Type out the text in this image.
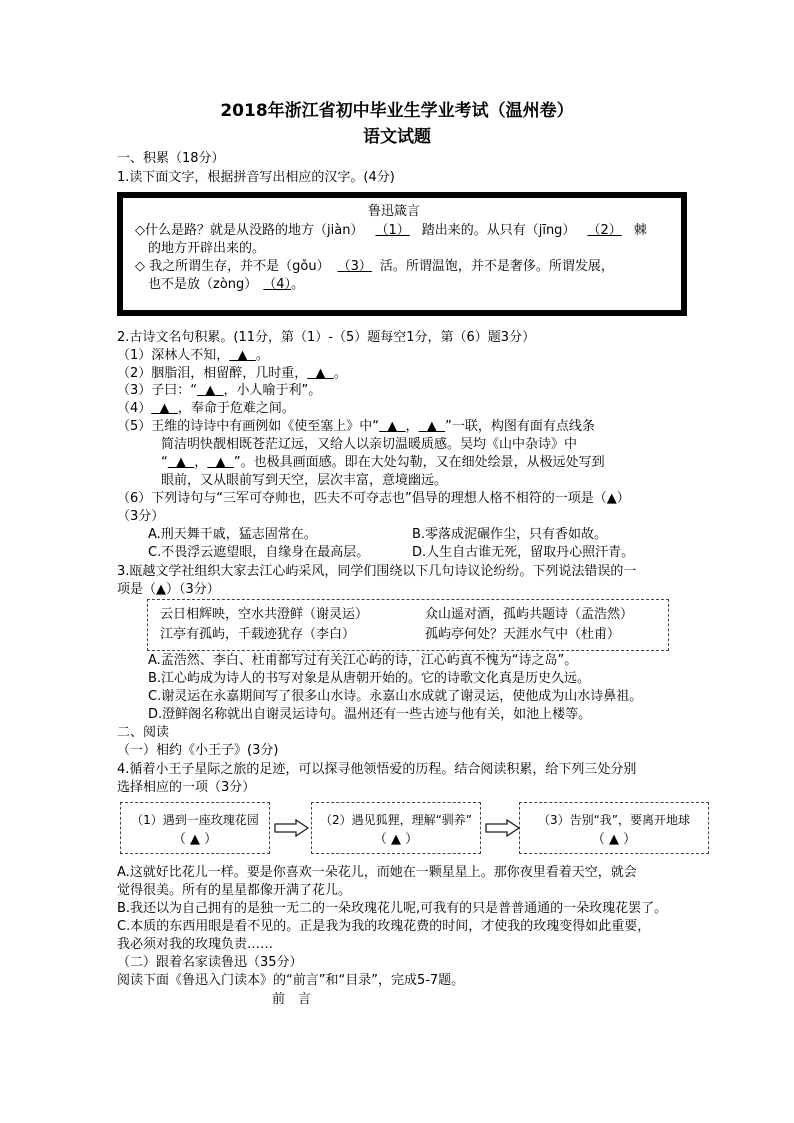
2018年浙江省初中毕业生学业考试（温州卷）
语文试题
一、积累（18分）
1.读下面文字，根据拼音写出相应的汉字。(4分)
鲁迅箴言
◇什么是路？就是从没路的地方（jiàn） （1） 踏出来的。从只有（jīng） （2） 棘
的地方开辟出来的。
◇ 我之所谓生存，并不是（gǒu） （3） 活。所谓温饱，并不是奢侈。所谓发展，
也不是放（zòng） （4）。
2.古诗文名句积累。(11分，第（1）-（5）题每空1分，第（6）题3分）
（1）深林人不知， ▲ 。
（2）胭脂泪，相留醉，几时重， ▲ 。
（3）子曰：“ ▲ ，小人喻于利”。
（4） ▲ ，奉命于危难之间。
（5）王维的诗诗中有画例如《使至塞上》中“ ▲ ， ▲ ”一联，构图有面有点线条
简洁明快靓相既苍茫辽远，又给人以亲切温暖质感。吴均《山中杂诗》中
“ ▲ ， ▲ ”。也极具画面感。即在大处勾勒，又在细处绘景，从极远处写到
眼前，又从眼前写到天空，层次丰富，意境幽远。
（6）下列诗句与“三军可夺帅也，匹夫不可夺志也”倡导的理想人格不相符的一项是（▲）
（3分）
A.刑天舞干戚，猛志固常在。	B.零落成泥碾作尘，只有香如故。
C.不畏浮云遮望眼，自缘身在最高层。	D.人生自古谁无死，留取丹心照汗青。
3.瓯越文学社组织大家去江心屿采风，同学们围绕以下几句诗议论纷纷。下列说法错误的一
项是（▲）（3分）
云日相辉映，空水共澄鲜（谢灵运）	众山遥对酒，孤屿共题诗（孟浩然）
江亭有孤屿，千载迹犹存（李白）	孤屿亭何处？天涯水气中（杜甫）
A.孟浩然、李白、杜甫都写过有关江心屿的诗，江心屿真不愧为“诗之岛”。
B.江心屿成为诗人的书写对象是从唐朝开始的。它的诗歌文化真是历史久远。
C.谢灵运在永嘉期间写了很多山水诗。永嘉山水成就了谢灵运，使他成为山水诗鼻祖。
D.澄鲜阁名称就出自谢灵运诗句。温州还有一些古迹与他有关，如池上楼等。
二、阅读
（一）相约《小王子》(3分)
4.循着小王子星际之旅的足迹，可以探寻他领悟爱的历程。结合阅读积累，给下列三处分别
选择相应的一项（3分）
（1）遇到一座玫瑰花园
（ ▲ ）
（2）遇见狐狸，理解“驯养”
（ ▲ ）
（3）告别“我”，要离开地球
（ ▲ ）
A.这就好比花儿一样。要是你喜欢一朵花儿，而她在一颗星星上。那你夜里看着天空，就会
觉得很美。所有的星星都像开满了花儿。
B.我还以为自己拥有的是独一无二的一朵玫瑰花儿呢,可我有的只是普普通通的一朵玫瑰花罢了。
C.本质的东西用眼是看不见的。正是我为我的玫瑰花费的时间，才使我的玫瑰变得如此重要，
我必须对我的玫瑰负责……
（二）跟着名家读鲁迅（35分）
阅读下面《鲁迅入门读本》的“前言”和“目录”，完成5-7题。
前　言
